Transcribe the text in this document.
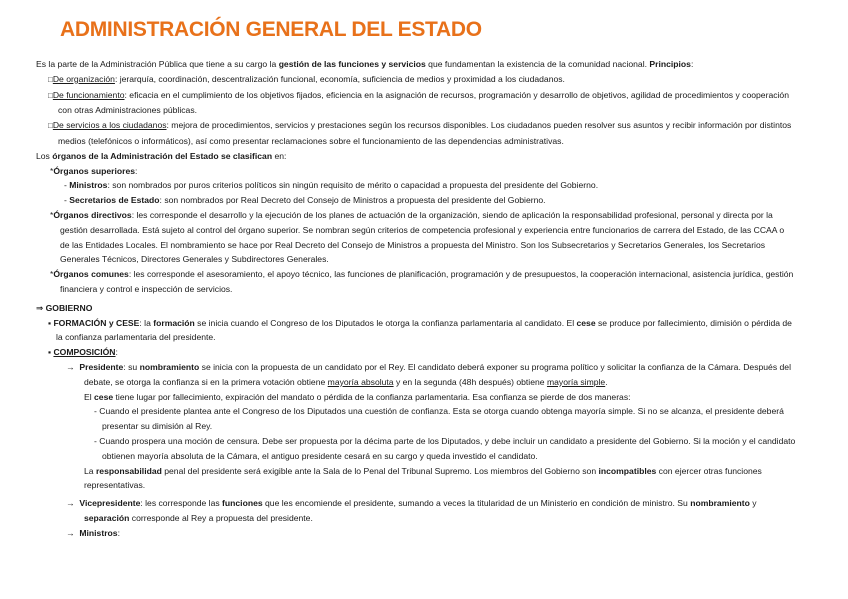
ADMINISTRACIÓN GENERAL DEL ESTADO

Es la parte de la Administración Pública que tiene a su cargo la gestión de las funciones y servicios que fundamentan la existencia de la comunidad nacional. Principios:

□De organización: jerarquía, coordinación, descentralización funcional, economía, suficiencia de medios y proximidad a los ciudadanos.

□De funcionamiento: eficacia en el cumplimiento de los objetivos fijados, eficiencia en la asignación de recursos, programación y desarrollo de objetivos, agilidad de procedimientos y cooperación con otras Administraciones públicas.

□De servicios a los ciudadanos: mejora de procedimientos, servicios y prestaciones según los recursos disponibles. Los ciudadanos pueden resolver sus asuntos y recibir información por distintos medios (telefónicos o informáticos), así como presentar reclamaciones sobre el funcionamiento de las dependencias administrativas.

Los órganos de la Administración del Estado se clasifican en:

*Órganos superiores:

- Ministros: son nombrados por puros criterios políticos sin ningún requisito de mérito o capacidad a propuesta del presidente del Gobierno.

- Secretarios de Estado: son nombrados por Real Decreto del Consejo de Ministros a propuesta del presidente del Gobierno.

*Órganos directivos: les corresponde el desarrollo y la ejecución de los planes de actuación de la organización, siendo de aplicación la responsabilidad profesional, personal y directa por la gestión desarrollada. Está sujeto al control del órgano superior. Se nombran según criterios de competencia profesional y experiencia entre funcionarios de carrera del Estado, de las CCAA o de las Entidades Locales. El nombramiento se hace por Real Decreto del Consejo de Ministros a propuesta del Ministro. Son los Subsecretarios y Secretarios Generales, los Secretarios Generales Técnicos, Directores Generales y Subdirectores Generales.

*Órganos comunes: les corresponde el asesoramiento, el apoyo técnico, las funciones de planificación, programación y de presupuestos, la cooperación internacional, asistencia jurídica, gestión financiera y control e inspección de servicios.

⇒ GOBIERNO

▪ FORMACIÓN y CESE: la formación se inicia cuando el Congreso de los Diputados le otorga la confianza parlamentaria al candidato. El cese se produce por fallecimiento, dimisión o pérdida de la confianza parlamentaria del presidente.

▪ COMPOSICIÓN:

→ Presidente: su nombramiento se inicia con la propuesta de un candidato por el Rey. El candidato deberá exponer su programa político y solicitar la confianza de la Cámara. Después del debate, se otorga la confianza si en la primera votación obtiene mayoría absoluta y en la segunda (48h después) obtiene mayoría simple.

El cese tiene lugar por fallecimiento, expiración del mandato o pérdida de la confianza parlamentaria. Esa confianza se pierde de dos maneras:

- Cuando el presidente plantea ante el Congreso de los Diputados una cuestión de confianza. Esta se otorga cuando obtenga mayoría simple. Si no se alcanza, el presidente deberá presentar su dimisión al Rey.

- Cuando prospera una moción de censura. Debe ser propuesta por la décima parte de los Diputados, y debe incluir un candidato a presidente del Gobierno. Si la moción y el candidato obtienen mayoría absoluta de la Cámara, el antiguo presidente cesará en su cargo y queda investido el candidato.

La responsabilidad penal del presidente será exigible ante la Sala de lo Penal del Tribunal Supremo. Los miembros del Gobierno son incompatibles con ejercer otras funciones representativas.

→ Vicepresidente: les corresponde las funciones que les encomiende el presidente, sumando a veces la titularidad de un Ministerio en condición de ministro. Su nombramiento y separación corresponde al Rey a propuesta del presidente.

→ Ministros:
